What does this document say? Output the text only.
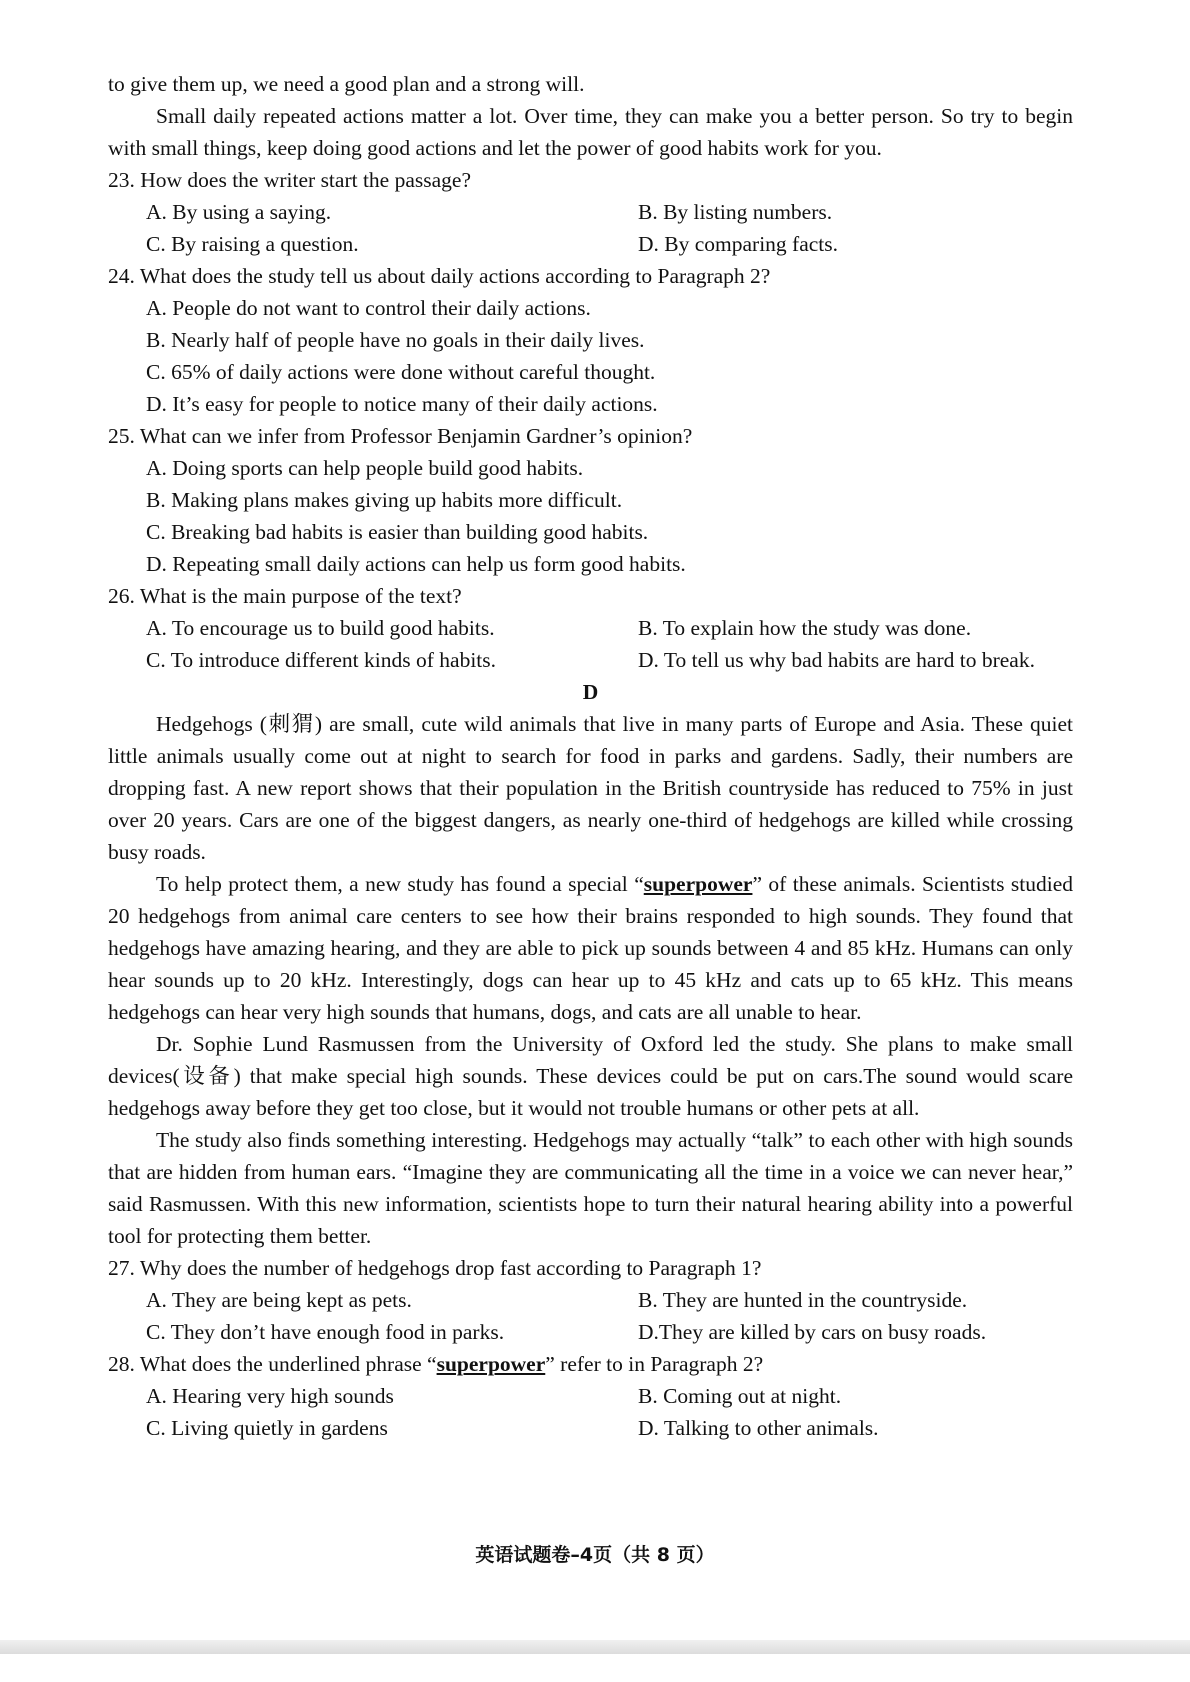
to give them up, we need a good plan and a strong will.

Small daily repeated actions matter a lot. Over time, they can make you a better person. So try to begin with small things, keep doing good actions and let the power of good habits work for you.

23. How does the writer start the passage?

A. By using a saying.	B. By listing numbers.
C. By raising a question.	D. By comparing facts.

24. What does the study tell us about daily actions according to Paragraph 2?

A. People do not want to control their daily actions.

B. Nearly half of people have no goals in their daily lives.

C. 65% of daily actions were done without careful thought.

D. It’s easy for people to notice many of their daily actions.

25. What can we infer from Professor Benjamin Gardner’s opinion?

A. Doing sports can help people build good habits.

B. Making plans makes giving up habits more difficult.

C. Breaking bad habits is easier than building good habits.

D. Repeating small daily actions can help us form good habits.

26. What is the main purpose of the text?

A. To encourage us to build good habits.	B. To explain how the study was done.
C. To introduce different kinds of habits.	D. To tell us why bad habits are hard to break.

D

Hedgehogs (刺猬) are small, cute wild animals that live in many parts of Europe and Asia. These quiet little animals usually come out at night to search for food in parks and gardens. Sadly, their numbers are dropping fast. A new report shows that their population in the British countryside has reduced to 75% in just over 20 years. Cars are one of the biggest dangers, as nearly one-third of hedgehogs are killed while crossing busy roads.

To help protect them, a new study has found a special “superpower” of these animals. Scientists studied 20 hedgehogs from animal care centers to see how their brains responded to high sounds. They found that hedgehogs have amazing hearing, and they are able to pick up sounds between 4 and 85 kHz. Humans can only hear sounds up to 20 kHz. Interestingly, dogs can hear up to 45 kHz and cats up to 65 kHz. This means hedgehogs can hear very high sounds that humans, dogs, and cats are all unable to hear.

Dr. Sophie Lund Rasmussen from the University of Oxford led the study. She plans to make small devices(设备) that make special high sounds. These devices could be put on cars.The sound would scare hedgehogs away before they get too close, but it would not trouble humans or other pets at all.

The study also finds something interesting. Hedgehogs may actually “talk” to each other with high sounds that are hidden from human ears. “Imagine they are communicating all the time in a voice we can never hear,” said Rasmussen. With this new information, scientists hope to turn their natural hearing ability into a powerful tool for protecting them better.

27. Why does the number of hedgehogs drop fast according to Paragraph 1?

A. They are being kept as pets.	B. They are hunted in the countryside.
C. They don’t have enough food in parks.	D.They are killed by cars on busy roads.

28. What does the underlined phrase “superpower” refer to in Paragraph 2?

A. Hearing very high sounds	B. Coming out at night.
C. Living quietly in gardens	D. Talking to other animals.
英语试题卷–4页（共 8 页）
